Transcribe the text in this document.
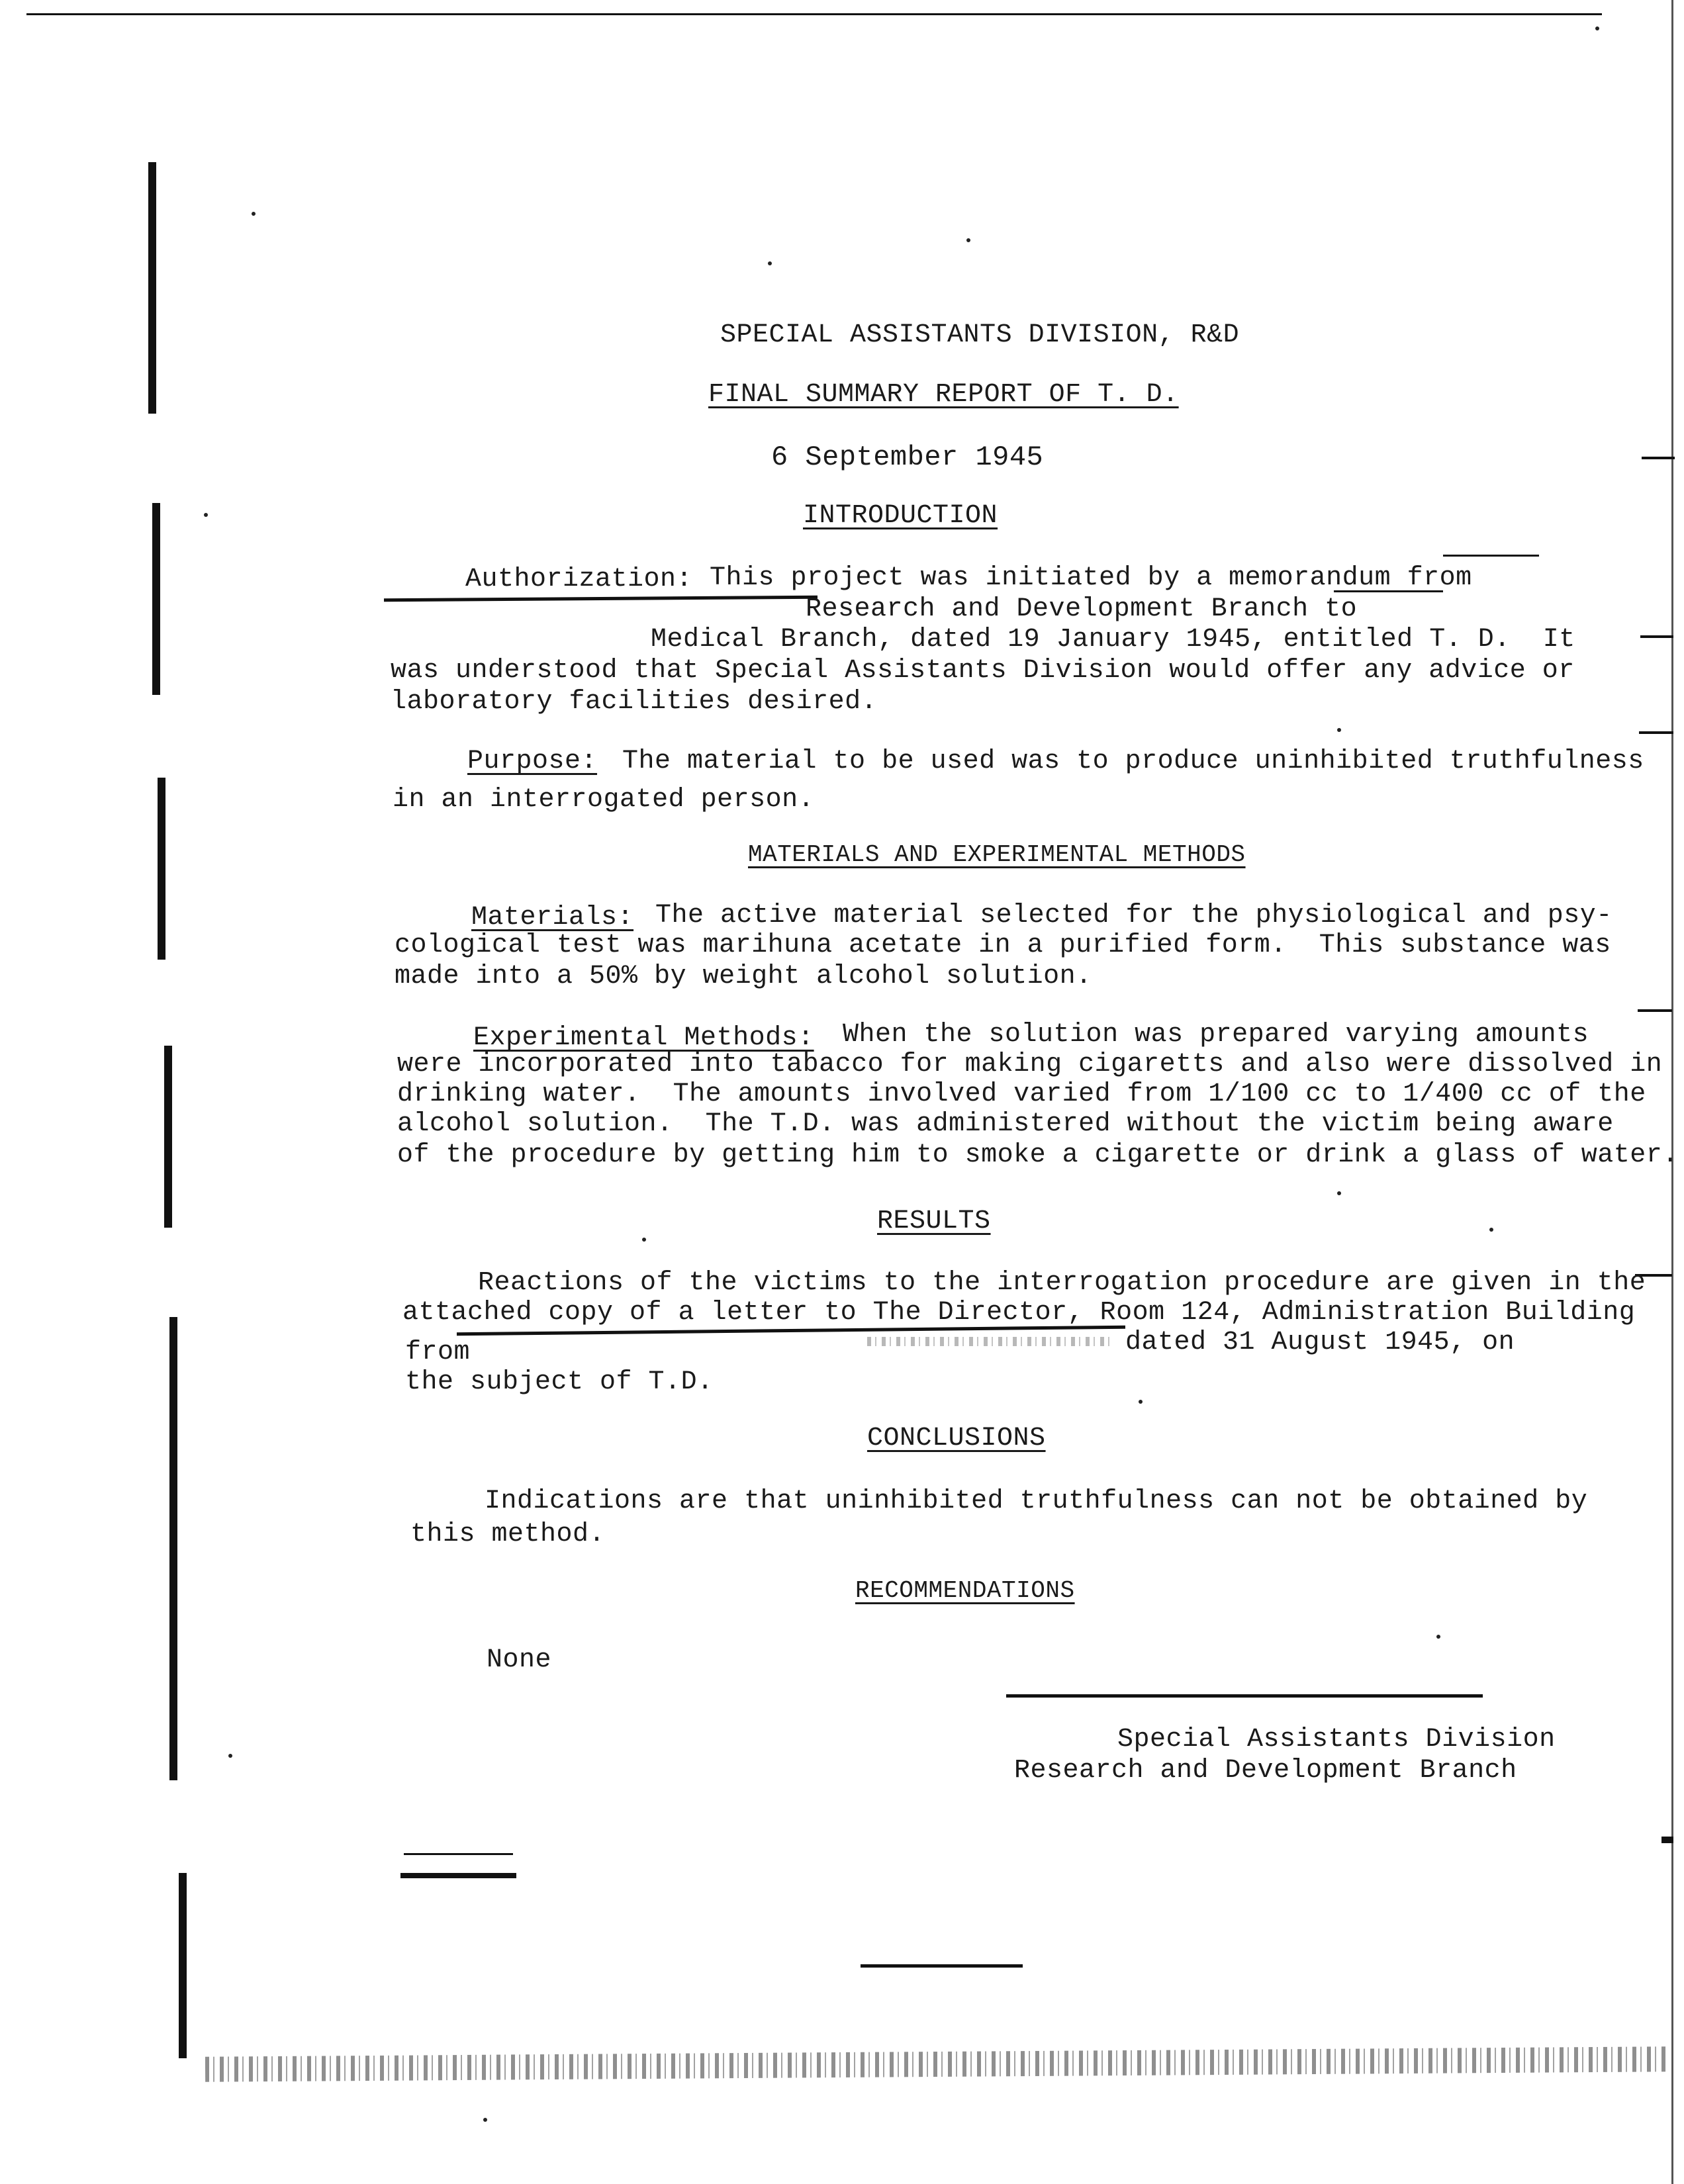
SPECIAL ASSISTANTS DIVISION, R&D
FINAL SUMMARY REPORT OF T. D.
6 September 1945
INTRODUCTION
Authorization: This project was initiated by a memorandum from
Research and Development Branch to
Medical Branch, dated 19 January 1945, entitled T. D.  It
was understood that Special Assistants Division would offer any advice or
laboratory facilities desired.
Purpose: The material to be used was to produce uninhibited truthfulness
in an interrogated person.
MATERIALS AND EXPERIMENTAL METHODS
Materials: The active material selected for the physiological and psy-
cological test was marihuna acetate in a purified form.  This substance was
made into a 50% by weight alcohol solution.
Experimental Methods: When the solution was prepared varying amounts
were incorporated into tabacco for making cigaretts and also were dissolved in
drinking water.  The amounts involved varied from 1/100 cc to 1/400 cc of the
alcohol solution.  The T.D. was administered without the victim being aware
of the procedure by getting him to smoke a cigarette or drink a glass of water.
RESULTS
Reactions of the victims to the interrogation procedure are given in the
attached copy of a letter to The Director, Room 124, Administration Building
from	dated 31 August 1945, on
the subject of T.D.
CONCLUSIONS
Indications are that uninhibited truthfulness can not be obtained by
this method.
RECOMMENDATIONS
None
Special Assistants Division
Research and Development Branch
